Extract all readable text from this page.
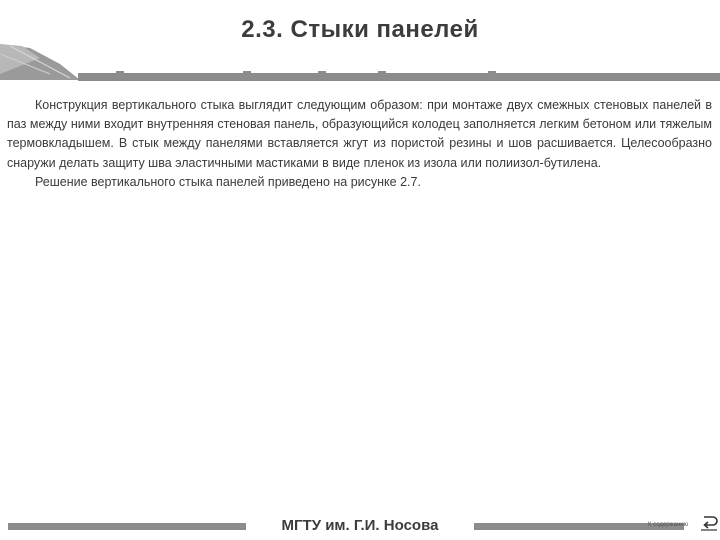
2.3. Стыки панелей

Конструкция вертикального стыка выглядит следующим образом: при монтаже двух смежных стеновых панелей в паз между ними входит внутренняя стеновая панель, образующийся колодец заполняется легким бетоном или тяжелым термовкладышем. В стык между панелями вставляется жгут из пористой резины и шов расшивается. Целесообразно снаружи делать защиту шва эластичными мастиками в виде пленок из изола или полиизол-бутилена.

Решение вертикального стыка панелей приведено на рисунке 2.7.

МГТУ им. Г.И. Носова	К содержанию
